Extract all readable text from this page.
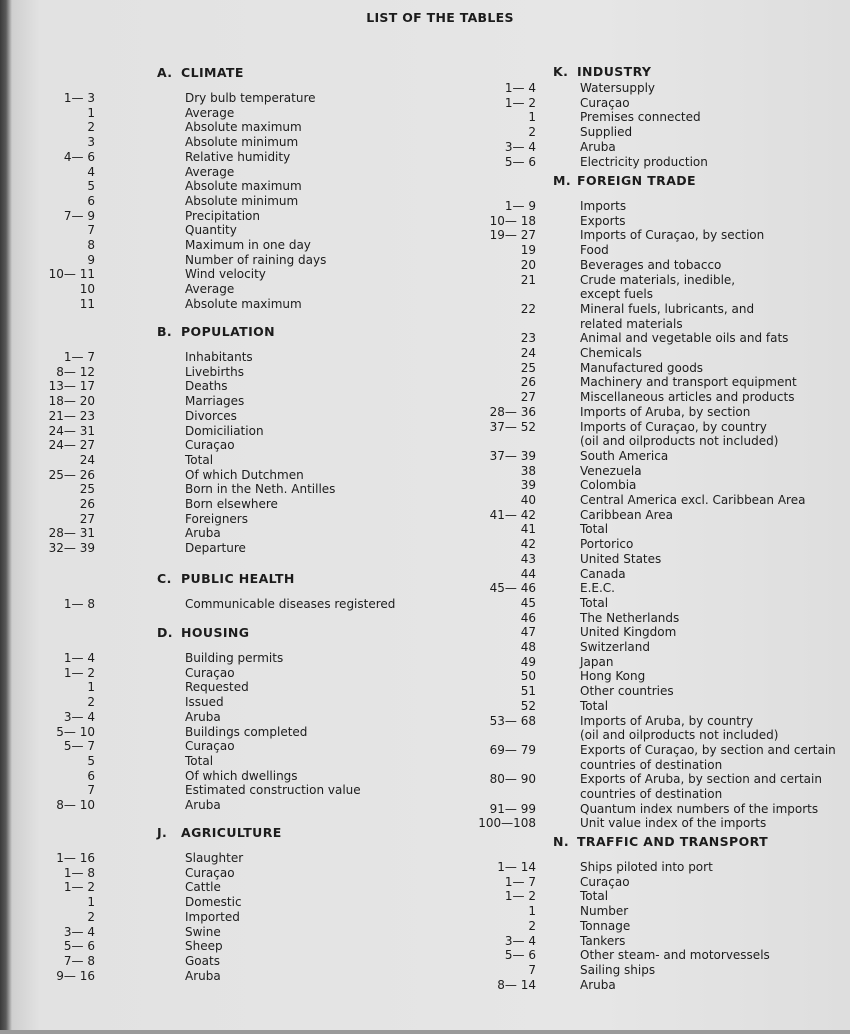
LIST OF THE TABLES
A. CLIMATE
1— 3	Dry bulb temperature
1	Average
2	Absolute maximum
3	Absolute minimum
4— 6	Relative humidity
4	Average
5	Absolute maximum
6	Absolute minimum
7— 9	Precipitation
7	Quantity
8	Maximum in one day
9	Number of raining days
10— 11	Wind velocity
10	Average
11	Absolute maximum
B. POPULATION
1— 7	Inhabitants
8— 12	Livebirths
13— 17	Deaths
18— 20	Marriages
21— 23	Divorces
24— 31	Domiciliation
24— 27	Curaçao
24	Total
25— 26	Of which Dutchmen
25	Born in the Neth. Antilles
26	Born elsewhere
27	Foreigners
28— 31	Aruba
32— 39	Departure
C. PUBLIC HEALTH
1— 8	Communicable diseases registered
D. HOUSING
1— 4	Building permits
1— 2	Curaçao
1	Requested
2	Issued
3— 4	Aruba
5— 10	Buildings completed
5— 7	Curaçao
5	Total
6	Of which dwellings
7	Estimated construction value
8— 10	Aruba
J. AGRICULTURE
1— 16	Slaughter
1— 8	Curaçao
1— 2	Cattle
1	Domestic
2	Imported
3— 4	Swine
5— 6	Sheep
7— 8	Goats
9— 16	Aruba
K. INDUSTRY
1— 4	Watersupply
1— 2	Curaçao
1	Premises connected
2	Supplied
3— 4	Aruba
5— 6	Electricity production
M. FOREIGN TRADE
1— 9	Imports
10— 18	Exports
19— 27	Imports of Curaçao, by section
19	Food
20	Beverages and tobacco
21	Crude materials, inedible,
except fuels
22	Mineral fuels, lubricants, and
related materials
23	Animal and vegetable oils and fats
24	Chemicals
25	Manufactured goods
26	Machinery and transport equipment
27	Miscellaneous articles and products
28— 36	Imports of Aruba, by section
37— 52	Imports of Curaçao, by country
(oil and oilproducts not included)
37— 39	South America
38	Venezuela
39	Colombia
40	Central America excl. Caribbean Area
41— 42	Caribbean Area
41	Total
42	Portorico
43	United States
44	Canada
45— 46	E.E.C.
45	Total
46	The Netherlands
47	United Kingdom
48	Switzerland
49	Japan
50	Hong Kong
51	Other countries
52	Total
53— 68	Imports of Aruba, by country
(oil and oilproducts not included)
69— 79	Exports of Curaçao, by section and certain
countries of destination
80— 90	Exports of Aruba, by section and certain
countries of destination
91— 99	Quantum index numbers of the imports
100—108	Unit value index of the imports
N. TRAFFIC AND TRANSPORT
1— 14	Ships piloted into port
1— 7	Curaçao
1— 2	Total
1	Number
2	Tonnage
3— 4	Tankers
5— 6	Other steam- and motorvessels
7	Sailing ships
8— 14	Aruba
